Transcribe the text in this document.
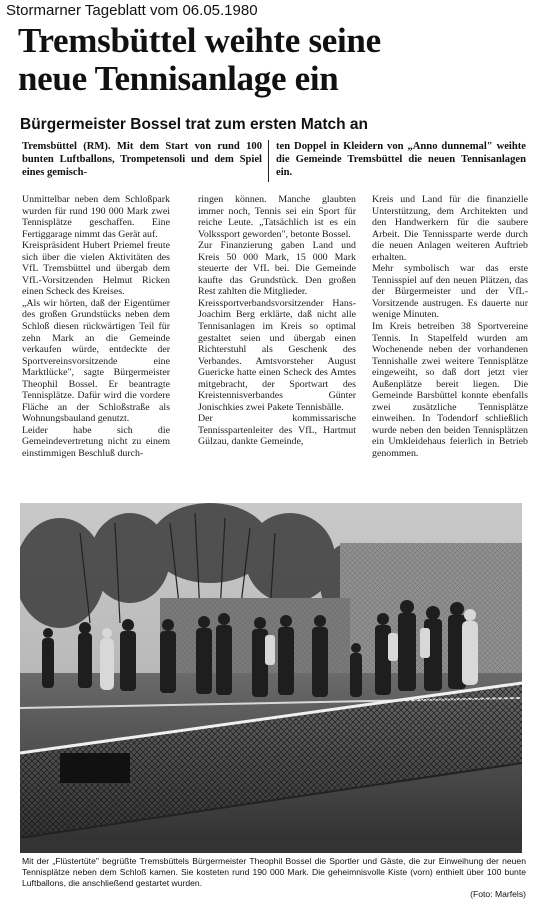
Stormarner Tageblatt vom 06.05.1980
Tremsbüttel weihte seine
neue Tennisanlage ein
Bürgermeister Bossel trat zum ersten Match an
Tremsbüttel (RM). Mit dem Start von rund 100 bunten Luftballons, Trompetensoli und dem Spiel eines gemisch-
ten Doppel in Kleidern von „Anno dunnemal" weihte die Gemeinde Tremsbüttel die neuen Tennisanlagen ein.
Unmittelbar neben dem Schloßpark wurden für rund 190 000 Mark zwei Tennisplätze geschaffen. Eine Fertiggarage nimmt das Gerät auf.
Kreispräsident Hubert Priemel freute sich über die vielen Aktivitäten des VfL Tremsbüttel und übergab dem VfL-Vorsitzenden Helmut Ricken einen Scheck des Kreises.
„Als wir hörten, daß der Eigentümer des großen Grundstücks neben dem Schloß diesen rückwärtigen Teil für zehn Mark an die Gemeinde verkaufen würde, entdeckte der Sportvereinsvorsitzende eine Marktlücke", sagte Bürgermeister Theophil Bossel. Er beantragte Tennisplätze. Dafür wird die vordere Fläche an der Schloßstraße als Wohnungsbauland genutzt.
Leider habe sich die Gemeindevertretung nicht zu einem einstimmigen Beschluß durch-
ringen können. Manche glaubten immer noch, Tennis sei ein Sport für reiche Leute. „Tatsächlich ist es ein Volkssport geworden", betonte Bossel.
Zur Finanzierung gaben Land und Kreis 50 000 Mark, 15 000 Mark steuerte der VfL bei. Die Gemeinde kaufte das Grundstück. Den großen Rest zahlten die Mitglieder.
Kreissportverbandsvorsitzender Hans-Joachim Berg erklärte, daß nicht alle Tennisanlagen im Kreis so optimal gestaltet seien und übergab einen Richterstuhl als Geschenk des Verbandes. Amtsvorsteher August Guericke hatte einen Scheck des Amtes mitgebracht, der Sportwart des Kreistennisverbandes Günter Jonischkies zwei Pakete Tennisbälle.
Der kommissarische Tennisspartenleiter des VfL, Hartmut Gülzau, dankte Gemeinde,
Kreis und Land für die finanzielle Unterstützung, dem Architekten und den Handwerkern für die saubere Arbeit. Die Tennissparte werde durch die neuen Anlagen weiteren Auftrieb erhalten.
Mehr symbolisch war das erste Tennisspiel auf den neuen Plätzen, das der Bürgermeister und der VfL-Vorsitzende austrugen. Es dauerte nur wenige Minuten.
Im Kreis betreiben 38 Sportvereine Tennis. In Stapelfeld wurden am Wochenende neben der vorhandenen Tennishalle zwei weitere Tennisplätze eingeweiht, so daß dort jetzt vier Außenplätze bereit liegen. Die Gemeinde Barsbüttel konnte ebenfalls zwei zusätzliche Tennisplätze einweihen. In Todendorf schließlich wurde neben den beiden Tennisplätzen ein Umkleidehaus feierlich in Betrieb genommen.
Mit der „Flüstertüte" begrüßte Tremsbüttels Bürgermeister Theophil Bossel die Sportler und Gäste, die zur Einweihung der neuen Tennisplätze neben dem Schloß kamen. Sie kosteten rund 190 000 Mark. Die geheimnisvolle Kiste (vorn) enthielt über 100 bunte Luftballons, die anschließend gestartet wurden.
(Foto: Marfels)
